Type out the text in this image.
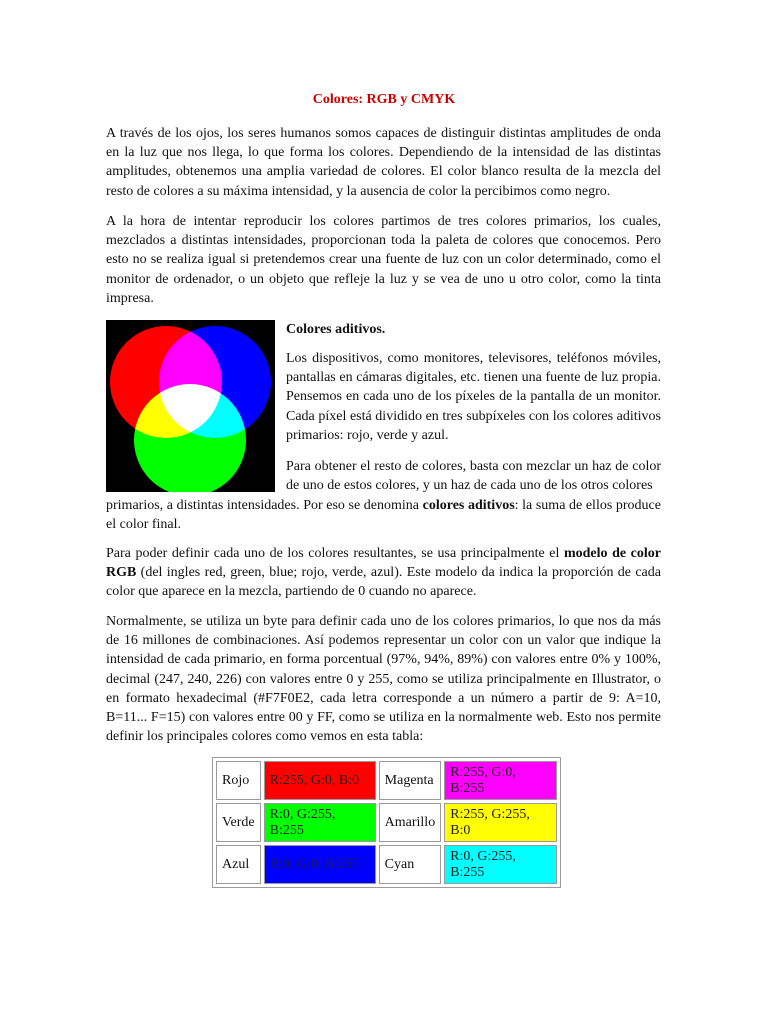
Colores: RGB y CMYK

A través de los ojos, los seres humanos somos capaces de distinguir distintas amplitudes de onda en la luz que nos llega, lo que forma los colores. Dependiendo de la intensidad de las distintas amplitudes, obtenemos una amplia variedad de colores. El color blanco resulta de la mezcla del resto de colores a su máxima intensidad, y la ausencia de color la percibimos como negro.

A la hora de intentar reproducir los colores partimos de tres colores primarios, los cuales, mezclados a distintas intensidades, proporcionan toda la paleta de colores que conocemos. Pero esto no se realiza igual si pretendemos crear una fuente de luz con un color determinado, como el monitor de ordenador, o un objeto que refleje la luz y se vea de uno u otro color, como la tinta impresa.

Colores aditivos.

Los dispositivos, como monitores, televisores, teléfonos móviles, pantallas en cámaras digitales, etc. tienen una fuente de luz propia. Pensemos en cada uno de los píxeles de la pantalla de un monitor. Cada píxel está dividido en tres subpíxeles con los colores aditivos primarios: rojo, verde y azul.

Para obtener el resto de colores, basta con mezclar un haz de color de uno de estos colores, y un haz de cada uno de los otros colores

primarios, a distintas intensidades. Por eso se denomina colores aditivos: la suma de ellos produce el color final.

Para poder definir cada uno de los colores resultantes, se usa principalmente el modelo de color RGB (del ingles red, green, blue; rojo, verde, azul). Este modelo da indica la proporción de cada color que aparece en la mezcla, partiendo de 0 cuando no aparece.

Normalmente, se utiliza un byte para definir cada uno de los colores primarios, lo que nos da más de 16 millones de combinaciones. Así podemos representar un color con un valor que indique la intensidad de cada primario, en forma porcentual (97%, 94%, 89%) con valores entre 0% y 100%, decimal (247, 240, 226) con valores entre 0 y 255, como se utiliza principalmente en Illustrator, o en formato hexadecimal (#F7F0E2, cada letra corresponde a un número a partir de 9: A=10, B=11... F=15) con valores entre 00 y FF, como se utiliza en la normalmente web. Esto nos permite definir los principales colores como vemos en esta tabla:

Rojo	R:255, G:0, B:0	Magenta	R:255, G:0, B:255
Verde	R:0, G:255, B:255	Amarillo	R:255, G:255, B:0
Azul	R:0, G:0, B:255	Cyan	R:0, G:255, B:255
